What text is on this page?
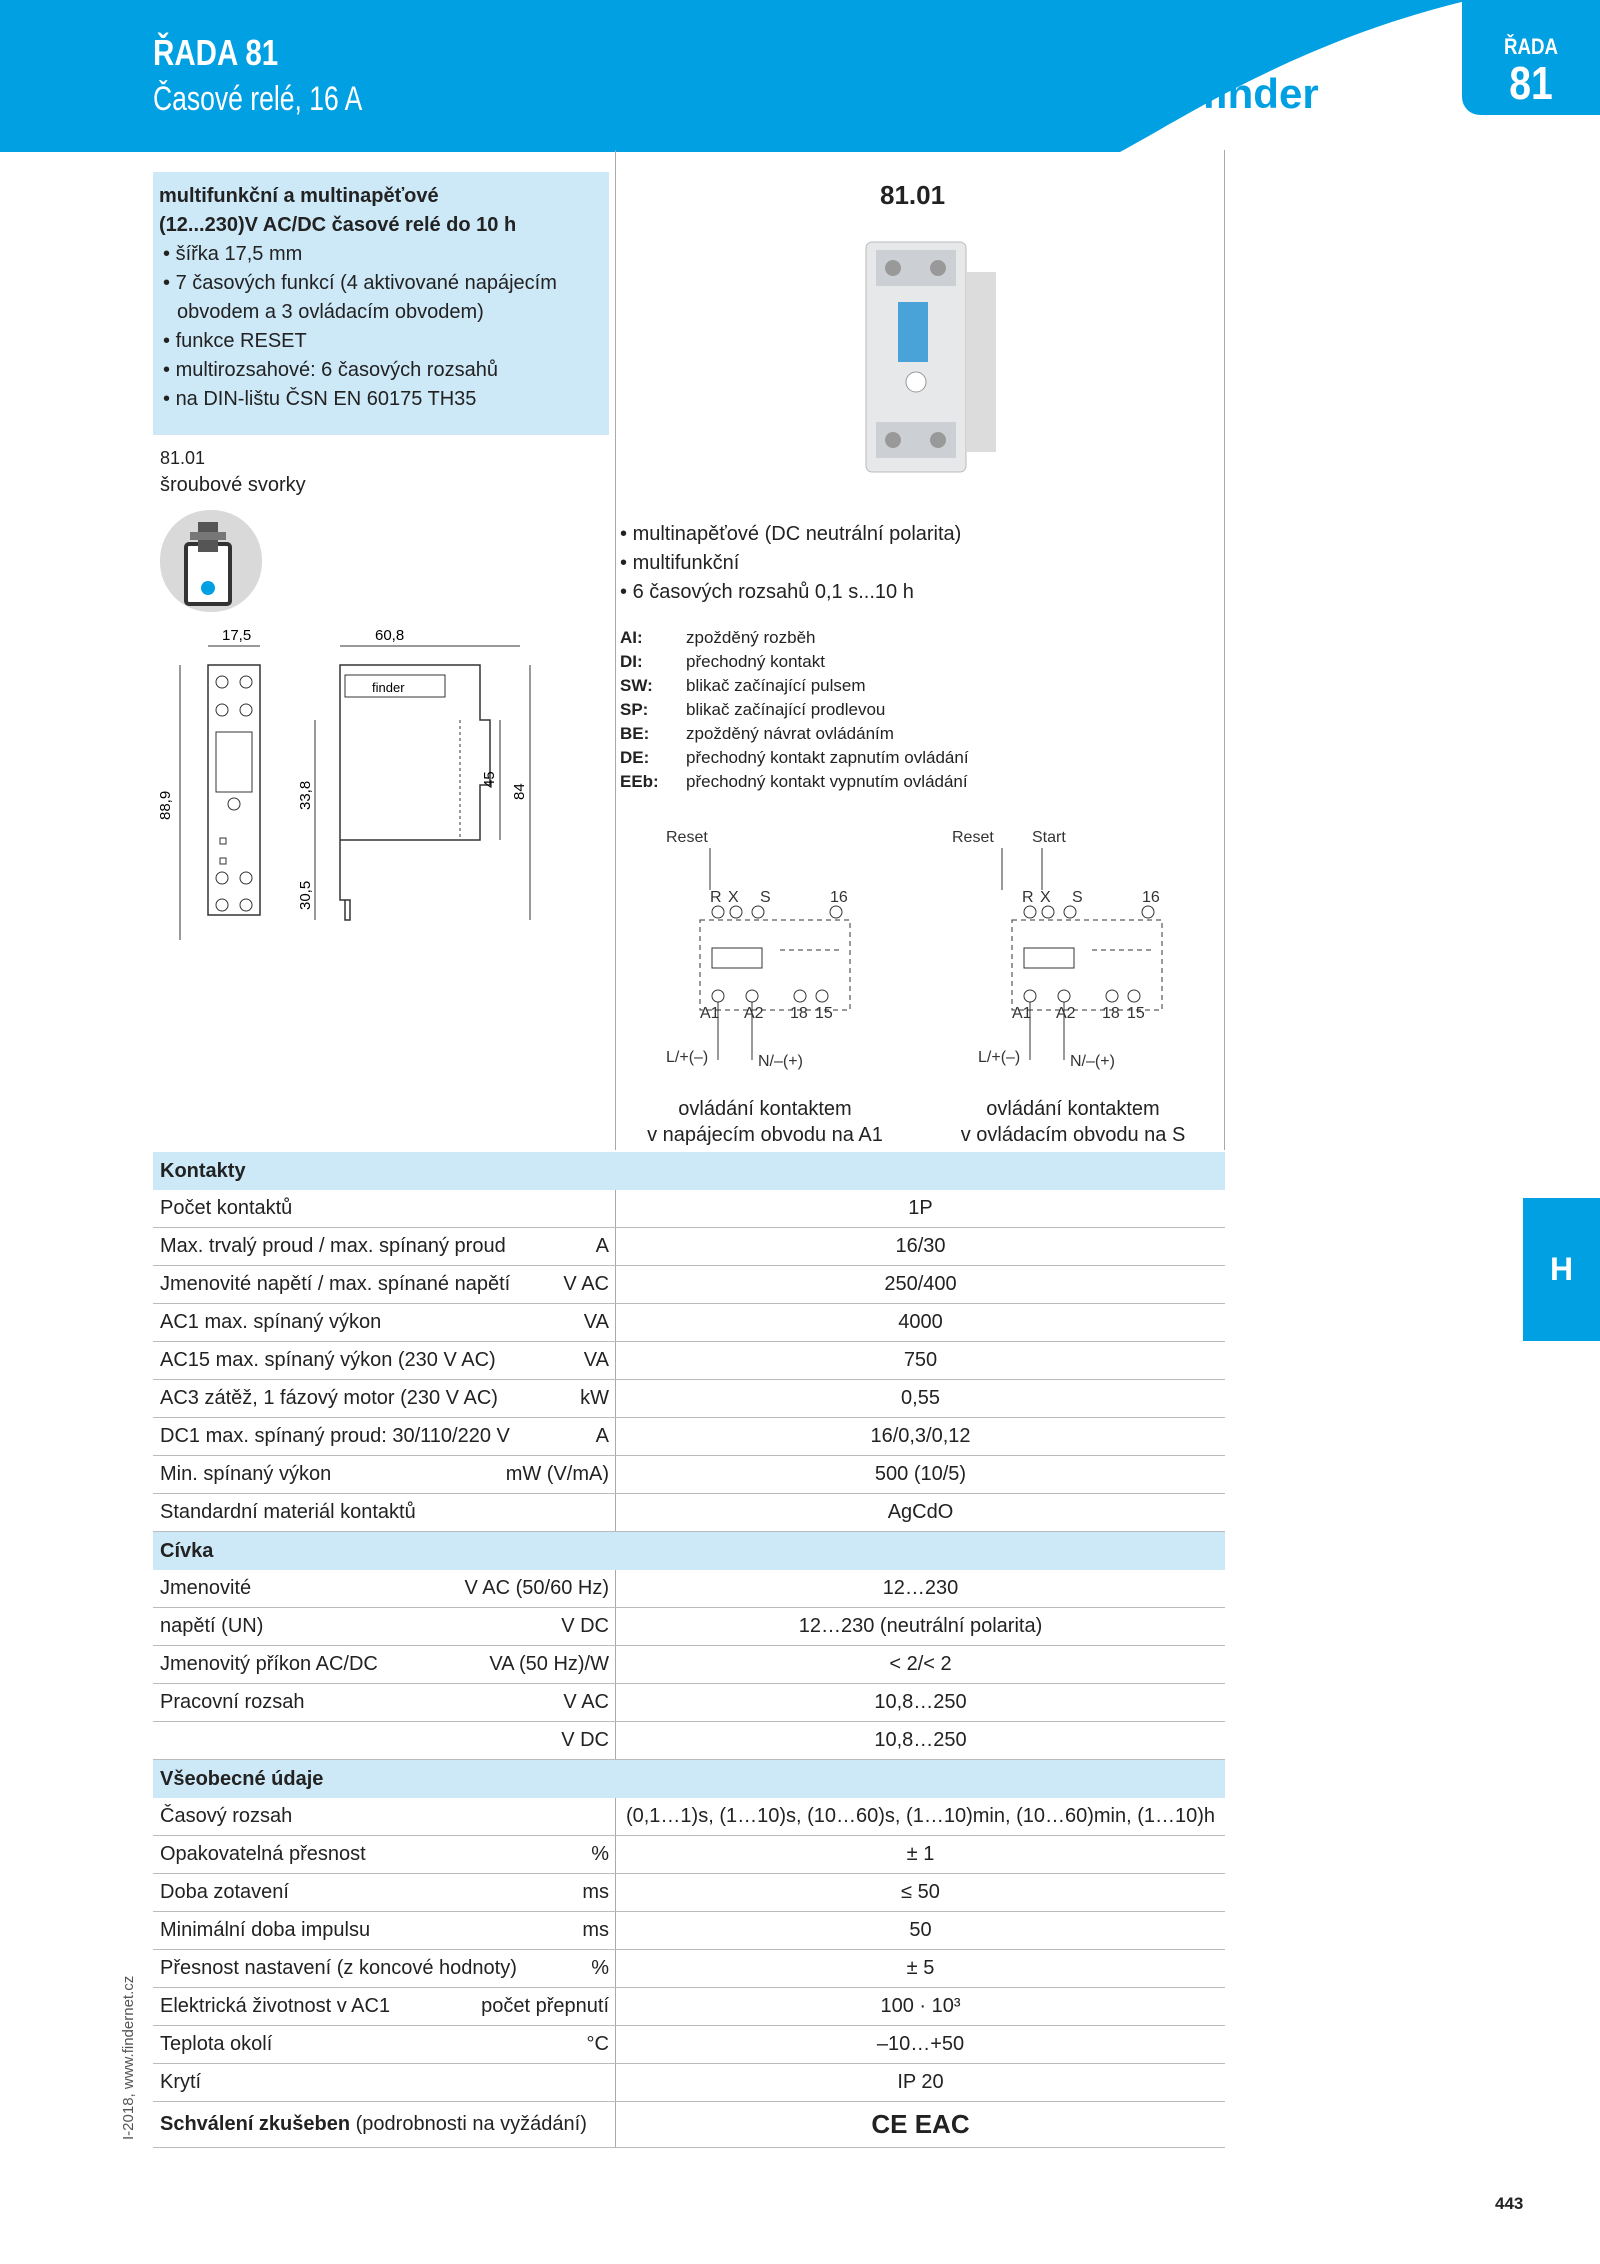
ŘADA 81
Časové relé, 16 A	finder
ŘADA
81
multifunkční a multinapěťové
(12...230)V AC/DC časové relé do 10 h
• šířka 17,5 mm
• 7 časových funkcí (4 aktivované napájecím obvodem a 3 ovládacím obvodem)
• funkce RESET
• multirozsahové: 6 časových rozsahů
• na DIN-lištu ČSN EN 60175 TH35
81.01
šroubové svorky
81.01
• multinapěťové (DC neutrální polarita)
• multifunkční
• 6 časových rozsahů 0,1 s...10 h
AI:	zpožděný rozběh
DI:	přechodný kontakt
SW:	blikač začínající pulsem
SP:	blikač začínající prodlevou
BE:	zpožděný návrat ovládáním
DE:	přechodný kontakt zapnutím ovládání
EEb:	přechodný kontakt vypnutím ovládání
17,5
88,9
60,8
finder
33,8
30,5
45
84
Reset
R X S	16
A1 A2 18 15
L/+(–)	N/–(+)
Reset Start
R X S	16
A1 A2 18 15
L/+(–)	N/–(+)
ovládání kontaktem
v napájecím obvodu na A1
ovládání kontaktem
v ovládacím obvodu na S
Kontakty
Počet kontaktů	1P
Max. trvalý proud / max. spínaný proud	A	16/30
Jmenovité napětí / max. spínané napětí	V AC	250/400
AC1 max. spínaný výkon	VA	4000
AC15 max. spínaný výkon (230 V AC)	VA	750
AC3 zátěž, 1 fázový motor (230 V AC)	kW	0,55
DC1 max. spínaný proud: 30/110/220 V	A	16/0,3/0,12
Min. spínaný výkon	mW (V/mA)	500 (10/5)
Standardní materiál kontaktů	AgCdO
Cívka
Jmenovité	V AC (50/60 Hz)	12…230
napětí (UN)	V DC	12…230 (neutrální polarita)
Jmenovitý příkon AC/DC	VA (50 Hz)/W	< 2/< 2
Pracovní rozsah	V AC	10,8…250
V DC	10,8…250
Všeobecné údaje
Časový rozsah	(0,1…1)s, (1…10)s, (10…60)s, (1…10)min, (10…60)min, (1…10)h
Opakovatelná přesnost	%	± 1
Doba zotavení	ms	≤ 50
Minimální doba impulsu	ms	50
Přesnost nastavení (z koncové hodnoty)	%	± 5
Elektrická životnost v AC1	počet přepnutí	100 · 10³
Teplota okolí	°C	–10…+50
Krytí	IP 20
Schválení zkušeben (podrobnosti na vyžádání)	CE EAC
H
I-2018, www.findernet.cz
443
